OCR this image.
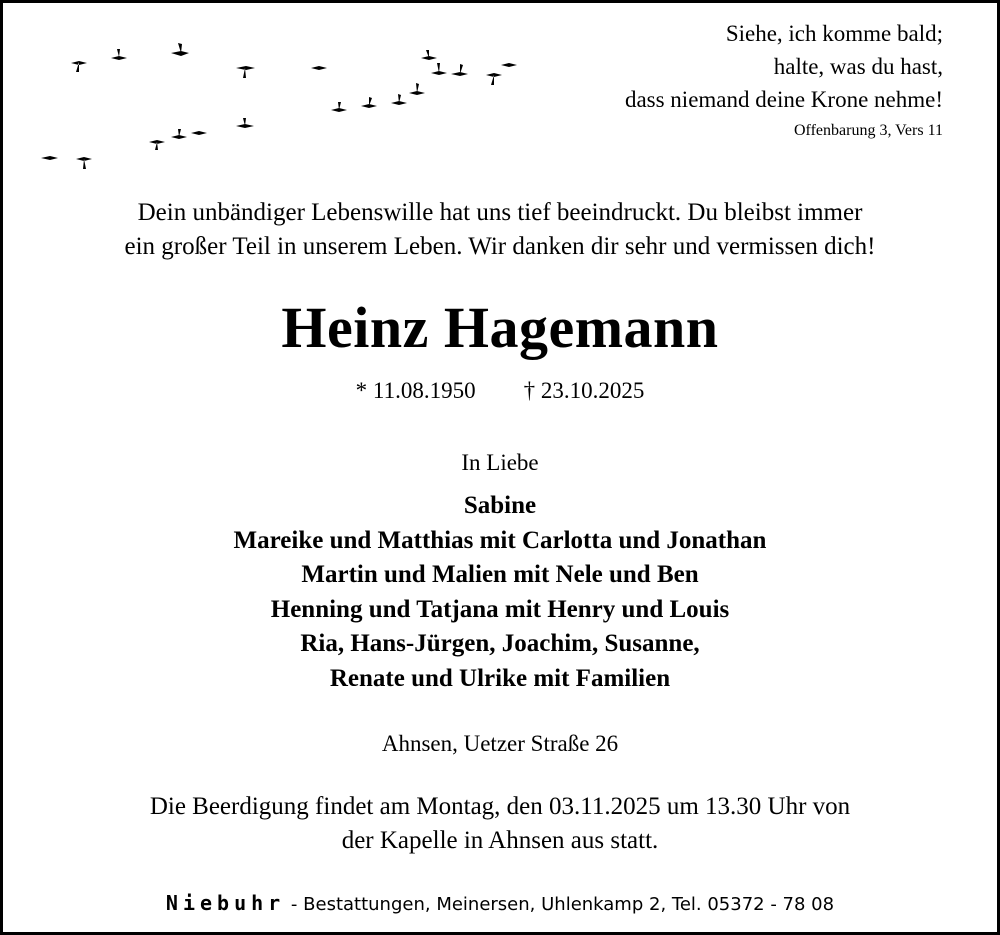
Siehe, ich komme bald;
halte, was du hast,
dass niemand deine Krone nehme!
Offenbarung 3, Vers 11
Dein unbändiger Lebenswille hat uns tief beeindruckt. Du bleibst immer
ein großer Teil in unserem Leben. Wir danken dir sehr und vermissen dich!
Heinz Hagemann
* 11.08.1950 † 23.10.2025
In Liebe
Sabine
Mareike und Matthias mit Carlotta und Jonathan
Martin und Malien mit Nele und Ben
Henning und Tatjana mit Henry und Louis
Ria, Hans-Jürgen, Joachim, Susanne,
Renate und Ulrike mit Familien
Ahnsen, Uetzer Straße 26
Die Beerdigung findet am Montag, den 03.11.2025 um 13.30 Uhr von
der Kapelle in Ahnsen aus statt.
Niebuhr - Bestattungen, Meinersen, Uhlenkamp 2, Tel. 05372 - 78 08
